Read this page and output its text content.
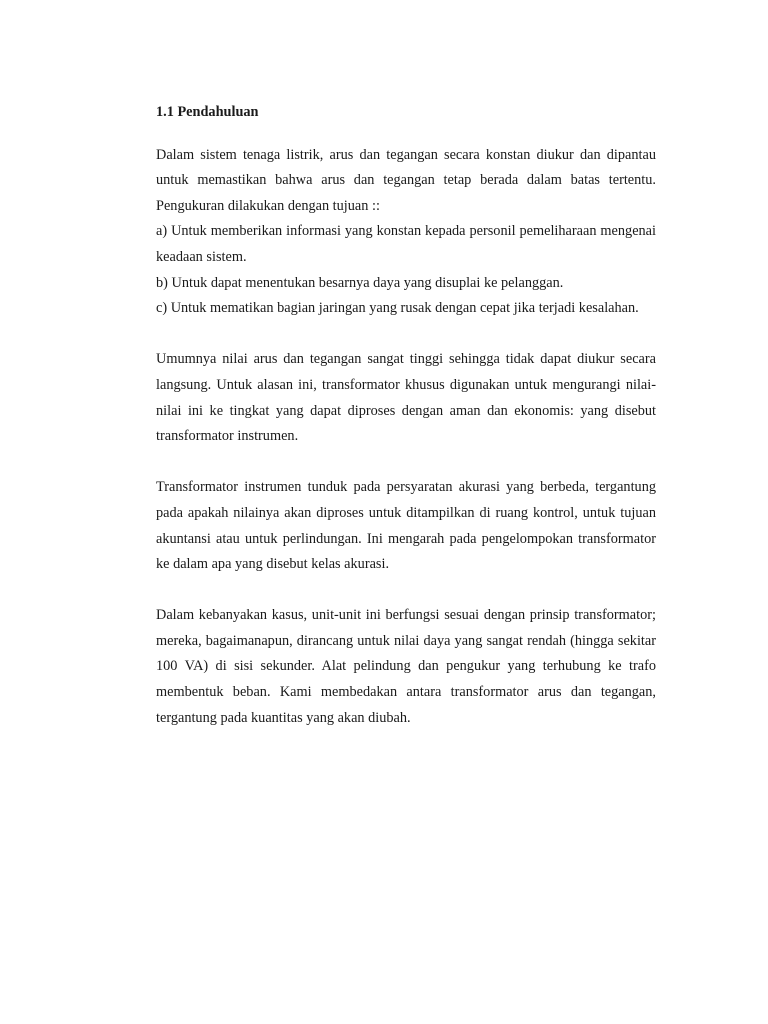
1.1 Pendahuluan

Dalam sistem tenaga listrik, arus dan tegangan secara konstan diukur dan dipantau untuk memastikan bahwa arus dan tegangan tetap berada dalam batas tertentu. Pengukuran dilakukan dengan tujuan ::

a) Untuk memberikan informasi yang konstan kepada personil pemeliharaan mengenai keadaan sistem.
b) Untuk dapat menentukan besarnya daya yang disuplai ke pelanggan.
c) Untuk mematikan bagian jaringan yang rusak dengan cepat jika terjadi kesalahan.

Umumnya nilai arus dan tegangan sangat tinggi sehingga tidak dapat diukur secara langsung. Untuk alasan ini, transformator khusus digunakan untuk mengurangi nilai-nilai ini ke tingkat yang dapat diproses dengan aman dan ekonomis: yang disebut transformator instrumen.

Transformator instrumen tunduk pada persyaratan akurasi yang berbeda, tergantung pada apakah nilainya akan diproses untuk ditampilkan di ruang kontrol, untuk tujuan akuntansi atau untuk perlindungan. Ini mengarah pada pengelompokan transformator ke dalam apa yang disebut kelas akurasi.

Dalam kebanyakan kasus, unit-unit ini berfungsi sesuai dengan prinsip transformator; mereka, bagaimanapun, dirancang untuk nilai daya yang sangat rendah (hingga sekitar 100 VA) di sisi sekunder. Alat pelindung dan pengukur yang terhubung ke trafo membentuk beban. Kami membedakan antara transformator arus dan tegangan, tergantung pada kuantitas yang akan diubah.
